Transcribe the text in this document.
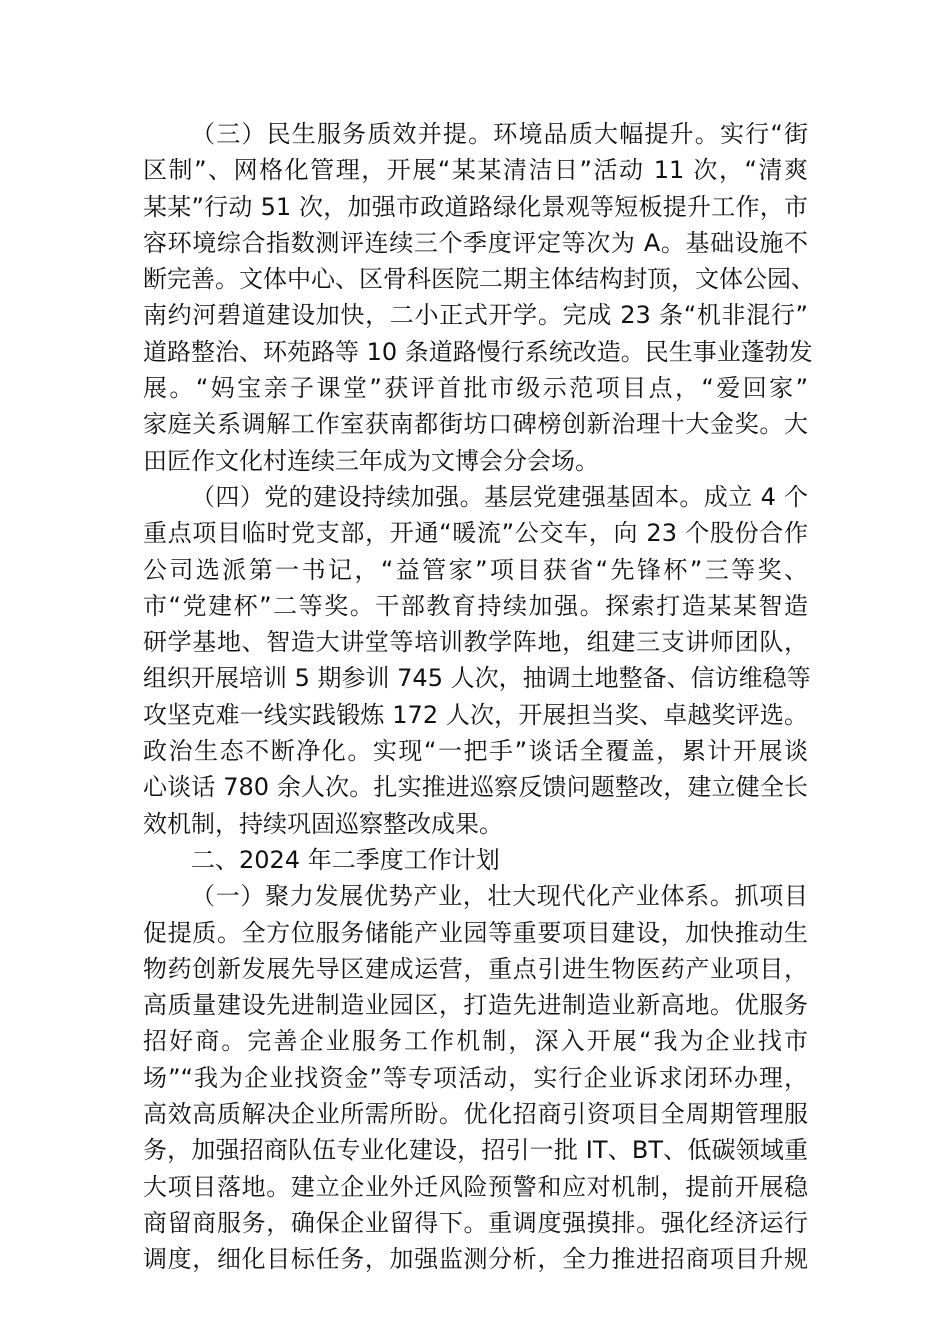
（三）民生服务质效并提。环境品质大幅提升。实行“街
区制”、网格化管理，开展“某某清洁日”活动 11 次，“清爽
某某”行动 51 次，加强市政道路绿化景观等短板提升工作，市
容环境综合指数测评连续三个季度评定等次为 A。基础设施不
断完善。文体中心、区骨科医院二期主体结构封顶，文体公园、
南约河碧道建设加快，二小正式开学。完成 23 条“机非混行”
道路整治、环苑路等 10 条道路慢行系统改造。民生事业蓬勃发
展。“妈宝亲子课堂”获评首批市级示范项目点，“爱回家”
家庭关系调解工作室获南都街坊口碑榜创新治理十大金奖。大
田匠作文化村连续三年成为文博会分会场。
（四）党的建设持续加强。基层党建强基固本。成立 4 个
重点项目临时党支部，开通“暖流”公交车，向 23 个股份合作
公司选派第一书记，“益管家”项目获省“先锋杯”三等奖、
市“党建杯”二等奖。干部教育持续加强。探索打造某某智造
研学基地、智造大讲堂等培训教学阵地，组建三支讲师团队，
组织开展培训 5 期参训 745 人次，抽调土地整备、信访维稳等
攻坚克难一线实践锻炼 172 人次，开展担当奖、卓越奖评选。
政治生态不断净化。实现“一把手”谈话全覆盖，累计开展谈
心谈话 780 余人次。扎实推进巡察反馈问题整改，建立健全长
效机制，持续巩固巡察整改成果。
二、2024 年二季度工作计划
（一）聚力发展优势产业，壮大现代化产业体系。抓项目
促提质。全方位服务储能产业园等重要项目建设，加快推动生
物药创新发展先导区建成运营，重点引进生物医药产业项目，
高质量建设先进制造业园区，打造先进制造业新高地。优服务
招好商。完善企业服务工作机制，深入开展“我为企业找市
场”“我为企业找资金”等专项活动，实行企业诉求闭环办理，
高效高质解决企业所需所盼。优化招商引资项目全周期管理服
务，加强招商队伍专业化建设，招引一批 IT、BT、低碳领域重
大项目落地。建立企业外迁风险预警和应对机制，提前开展稳
商留商服务，确保企业留得下。重调度强摸排。强化经济运行
调度，细化目标任务，加强监测分析，全力推进招商项目升规
